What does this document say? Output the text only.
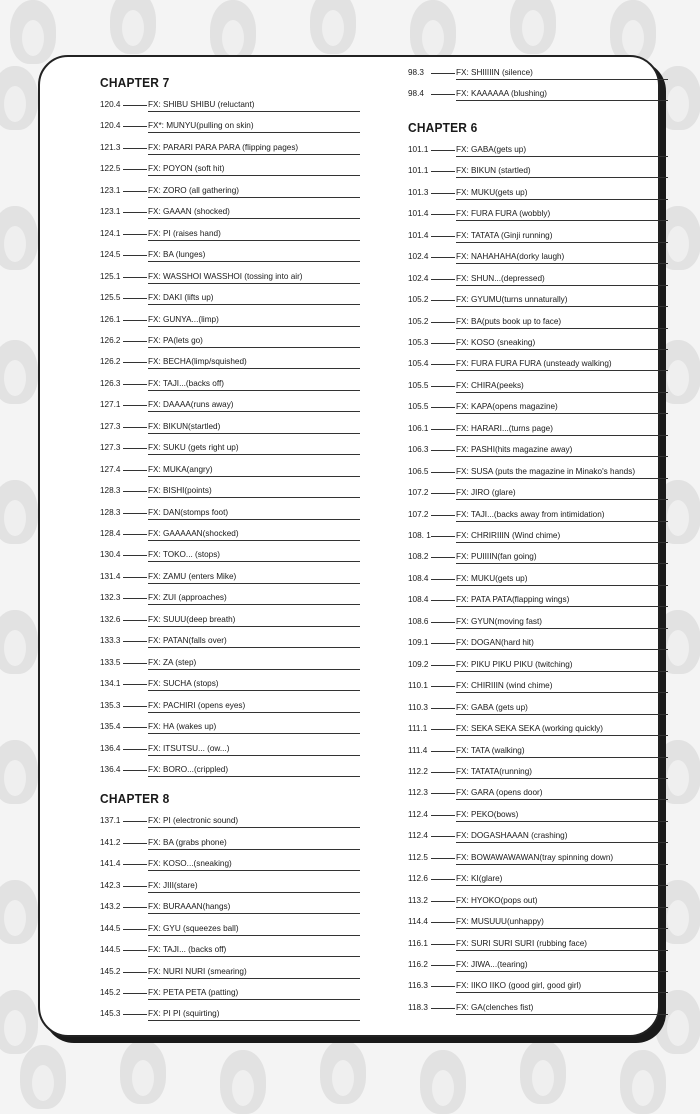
CHAPTER 7
120.4	FX: SHIBU SHIBU (reluctant)
120.4	FX*: MUNYU(pulling on skin)
121.3	FX: PARARI PARA PARA (flipping pages)
122.5	FX: POYON (soft hit)
123.1	FX: ZORO (all gathering)
123.1	FX: GAAAN (shocked)
124.1	FX: PI (raises hand)
124.5	FX: BA (lunges)
125.1	FX: WASSHOI WASSHOI (tossing into air)
125.5	FX: DAKI (lifts up)
126.1	FX: GUNYA...(limp)
126.2	FX: PA(lets go)
126.2	FX: BECHA(limp/squished)
126.3	FX: TAJI...(backs off)
127.1	FX: DAAAA(runs away)
127.3	FX: BIKUN(startled)
127.3	FX: SUKU (gets right up)
127.4	FX: MUKA(angry)
128.3	FX: BISHI(points)
128.3	FX: DAN(stomps foot)
128.4	FX: GAAAAAN(shocked)
130.4	FX: TOKO... (stops)
131.4	FX: ZAMU (enters Mike)
132.3	FX: ZUI (approaches)
132.6	FX: SUUU(deep breath)
133.3	FX: PATAN(falls over)
133.5	FX: ZA (step)
134.1	FX: SUCHA (stops)
135.3	FX: PACHIRI (opens eyes)
135.4	FX: HA (wakes up)
136.4	FX: ITSUTSU... (ow...)
136.4	FX: BORO...(crippled)
CHAPTER 8
137.1	FX: PI (electronic sound)
141.2	FX: BA (grabs phone)
141.4	FX: KOSO...(sneaking)
142.3	FX: JIII(stare)
143.2	FX: BURAAAN(hangs)
144.5	FX: GYU (squeezes ball)
144.5	FX: TAJI... (backs off)
145.2	FX: NURI NURI (smearing)
145.2	FX: PETA PETA (patting)
145.3	FX: PI PI (squirting)
98.3	FX: SHIIIIIN (silence)
98.4	FX: KAAAAAA (blushing)
CHAPTER 6
101.1	FX: GABA(gets up)
101.1	FX: BIKUN (startled)
101.3	FX: MUKU(gets up)
101.4	FX: FURA FURA (wobbly)
101.4	FX: TATATA (Ginji running)
102.4	FX: NAHAHAHA(dorky laugh)
102.4	FX: SHUN...(depressed)
105.2	FX: GYUMU(turns unnaturally)
105.2	FX: BA(puts book up to face)
105.3	FX: KOSO (sneaking)
105.4	FX: FURA FURA FURA (unsteady walking)
105.5	FX: CHIRA(peeks)
105.5	FX: KAPA(opens magazine)
106.1	FX: HARARI...(turns page)
106.3	FX: PASHI(hits magazine away)
106.5	FX: SUSA (puts the magazine in Minako's hands)
107.2	FX: JIRO (glare)
107.2	FX: TAJI...(backs away from intimidation)
108. 1	FX: CHRIRIIIN (Wind chime)
108.2	FX: PUIIIIN(fan going)
108.4	FX: MUKU(gets up)
108.4	FX: PATA PATA(flapping wings)
108.6	FX: GYUN(moving fast)
109.1	FX: DOGAN(hard hit)
109.2	FX: PIKU PIKU PIKU (twitching)
110.1	FX: CHIRIIIN (wind chime)
110.3	FX: GABA (gets up)
111.1	FX: SEKA SEKA SEKA (working quickly)
111.4	FX: TATA (walking)
112.2	FX: TATATA(running)
112.3	FX: GARA (opens door)
112.4	FX: PEKO(bows)
112.4	FX: DOGASHAAAN (crashing)
112.5	FX: BOWAWAWAWAN(tray spinning down)
112.6	FX: KI(glare)
113.2	FX: HYOKO(pops out)
114.4	FX: MUSUUU(unhappy)
116.1	FX: SURI SURI SURI (rubbing face)
116.2	FX: JIWA...(tearing)
116.3	FX: IIKO IIKO (good girl, good girl)
118.3	FX: GA(clenches fist)
